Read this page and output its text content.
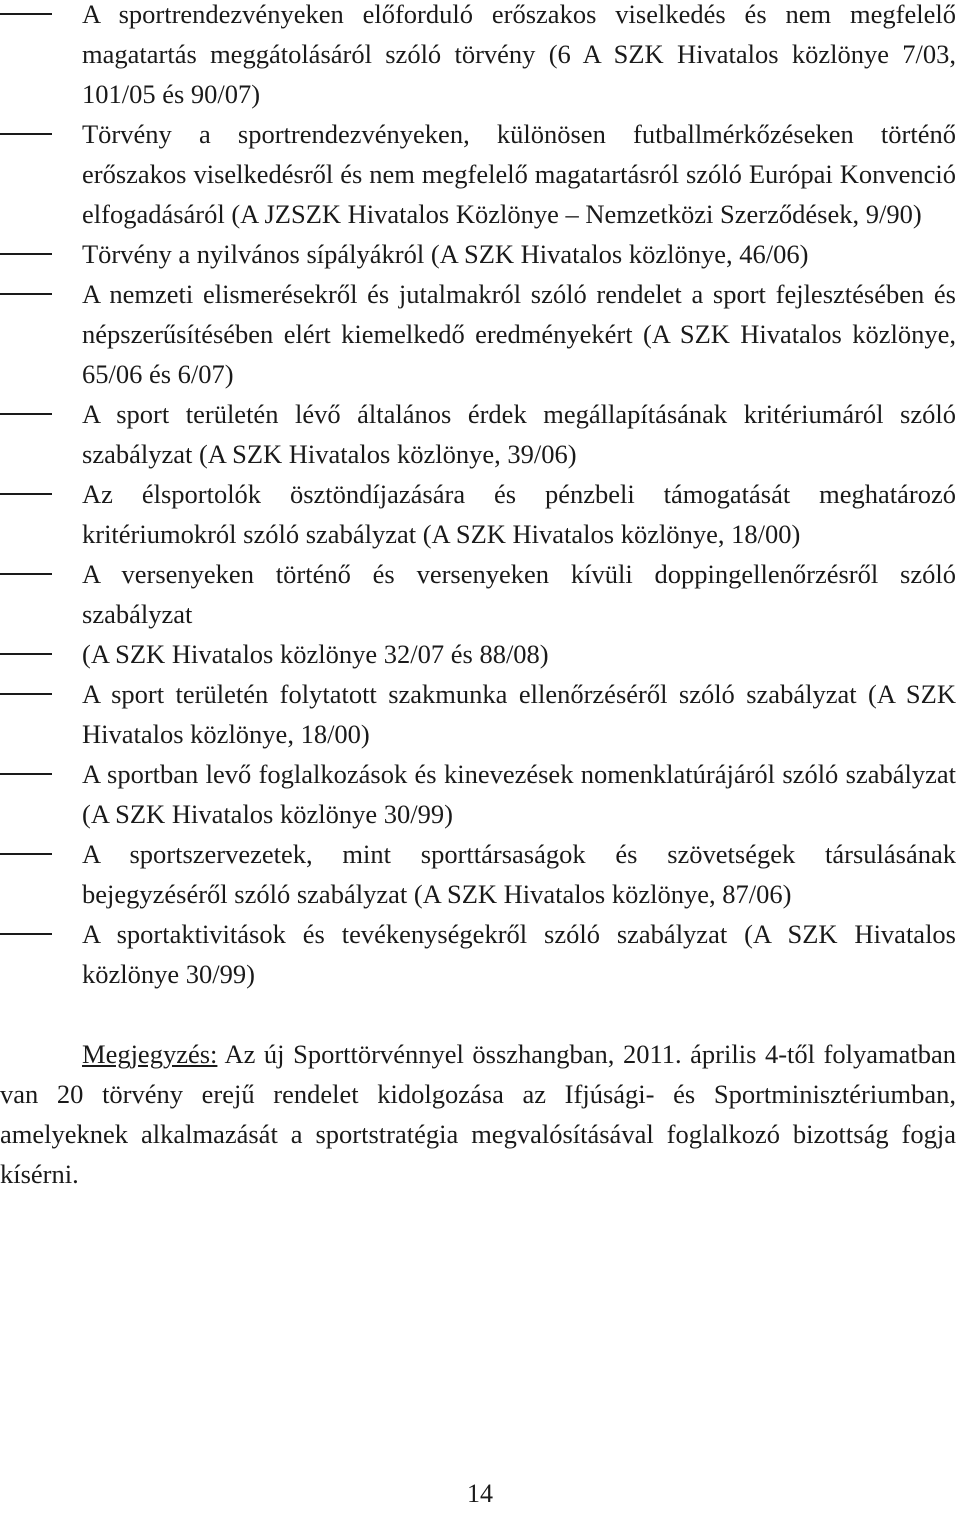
A sportrendezvényeken előforduló erőszakos viselkedés és nem megfelelő magatartás meggátolásáról szóló törvény (6 A SZK Hivatalos közlönye 7/03, 101/05 és 90/07)
Törvény a sportrendezvényeken, különösen futballmérkőzéseken történő erőszakos viselkedésről és nem megfelelő magatartásról szóló Európai Konvenció elfogadásáról (A JZSZK Hivatalos Közlönye – Nemzetközi Szerződések, 9/90)
Törvény a nyilvános sípályákról (A SZK Hivatalos közlönye, 46/06)
A nemzeti elismerésekről és jutalmakról szóló rendelet a sport fejlesztésében és népszerűsítésében elért kiemelkedő eredményekért (A SZK Hivatalos közlönye, 65/06 és 6/07)
A sport területén lévő általános érdek megállapításának kritériumáról szóló szabályzat (A SZK Hivatalos közlönye, 39/06)
Az élsportolók ösztöndíjazására és pénzbeli támogatását meghatározó kritériumokról szóló szabályzat (A SZK Hivatalos közlönye, 18/00)
A versenyeken történő és versenyeken kívüli doppingellenőrzésről szóló szabályzat
(A SZK Hivatalos közlönye 32/07 és 88/08)
A sport területén folytatott szakmunka ellenőrzéséről szóló szabályzat (A SZK Hivatalos közlönye, 18/00)
A sportban levő foglalkozások és kinevezések nomenklatúrájáról szóló szabályzat (A SZK Hivatalos közlönye 30/99)
A sportszervezetek, mint sporttársaságok és szövetségek társulásának bejegyzéséről szóló szabályzat (A SZK Hivatalos közlönye, 87/06)
A sportaktivitások és tevékenységekről szóló szabályzat (A SZK Hivatalos közlönye 30/99)

Megjegyzés: Az új Sporttörvénnyel összhangban, 2011. április 4-től folyamatban van 20 törvény erejű rendelet kidolgozása az Ifjúsági- és Sportminisztériumban, amelyeknek alkalmazását a sportstratégia megvalósításával foglalkozó bizottság fogja kísérni.

14
